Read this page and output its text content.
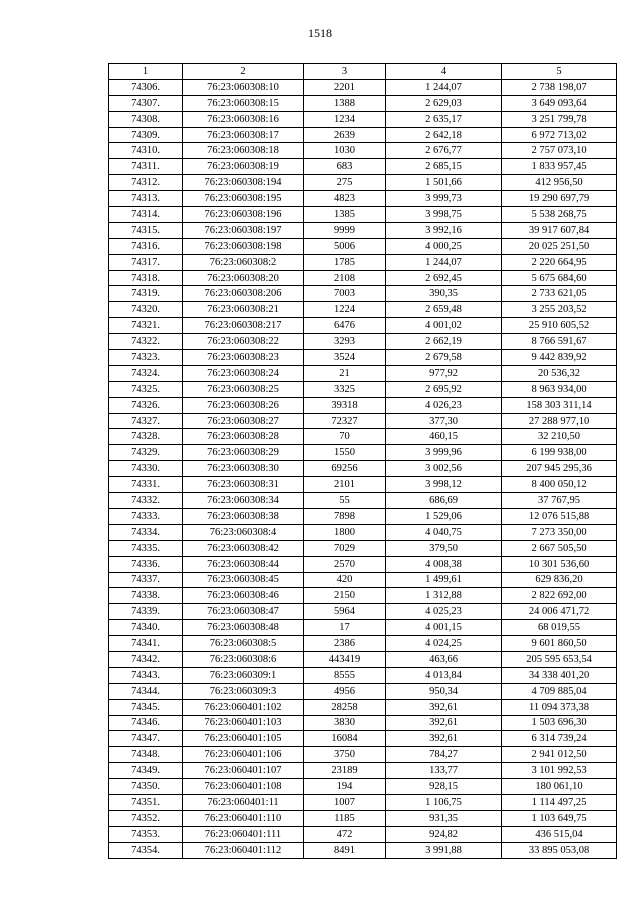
1518
1	2	3	4	5
74306.	76:23:060308:10	2201	1 244,07	2 738 198,07
74307.	76:23:060308:15	1388	2 629,03	3 649 093,64
74308.	76:23:060308:16	1234	2 635,17	3 251 799,78
74309.	76:23:060308:17	2639	2 642,18	6 972 713,02
74310.	76:23:060308:18	1030	2 676,77	2 757 073,10
74311.	76:23:060308:19	683	2 685,15	1 833 957,45
74312.	76:23:060308:194	275	1 501,66	412 956,50
74313.	76:23:060308:195	4823	3 999,73	19 290 697,79
74314.	76:23:060308:196	1385	3 998,75	5 538 268,75
74315.	76:23:060308:197	9999	3 992,16	39 917 607,84
74316.	76:23:060308:198	5006	4 000,25	20 025 251,50
74317.	76:23:060308:2	1785	1 244,07	2 220 664,95
74318.	76:23:060308:20	2108	2 692,45	5 675 684,60
74319.	76:23:060308:206	7003	390,35	2 733 621,05
74320.	76:23:060308:21	1224	2 659,48	3 255 203,52
74321.	76:23:060308:217	6476	4 001,02	25 910 605,52
74322.	76:23:060308:22	3293	2 662,19	8 766 591,67
74323.	76:23:060308:23	3524	2 679,58	9 442 839,92
74324.	76:23:060308:24	21	977,92	20 536,32
74325.	76:23:060308:25	3325	2 695,92	8 963 934,00
74326.	76:23:060308:26	39318	4 026,23	158 303 311,14
74327.	76:23:060308:27	72327	377,30	27 288 977,10
74328.	76:23:060308:28	70	460,15	32 210,50
74329.	76:23:060308:29	1550	3 999,96	6 199 938,00
74330.	76:23:060308:30	69256	3 002,56	207 945 295,36
74331.	76:23:060308:31	2101	3 998,12	8 400 050,12
74332.	76:23:060308:34	55	686,69	37 767,95
74333.	76:23:060308:38	7898	1 529,06	12 076 515,88
74334.	76:23:060308:4	1800	4 040,75	7 273 350,00
74335.	76:23:060308:42	7029	379,50	2 667 505,50
74336.	76:23:060308:44	2570	4 008,38	10 301 536,60
74337.	76:23:060308:45	420	1 499,61	629 836,20
74338.	76:23:060308:46	2150	1 312,88	2 822 692,00
74339.	76:23:060308:47	5964	4 025,23	24 006 471,72
74340.	76:23:060308:48	17	4 001,15	68 019,55
74341.	76:23:060308:5	2386	4 024,25	9 601 860,50
74342.	76:23:060308:6	443419	463,66	205 595 653,54
74343.	76:23:060309:1	8555	4 013,84	34 338 401,20
74344.	76:23:060309:3	4956	950,34	4 709 885,04
74345.	76:23:060401:102	28258	392,61	11 094 373,38
74346.	76:23:060401:103	3830	392,61	1 503 696,30
74347.	76:23:060401:105	16084	392,61	6 314 739,24
74348.	76:23:060401:106	3750	784,27	2 941 012,50
74349.	76:23:060401:107	23189	133,77	3 101 992,53
74350.	76:23:060401:108	194	928,15	180 061,10
74351.	76:23:060401:11	1007	1 106,75	1 114 497,25
74352.	76:23:060401:110	1185	931,35	1 103 649,75
74353.	76:23:060401:111	472	924,82	436 515,04
74354.	76:23:060401:112	8491	3 991,88	33 895 053,08
